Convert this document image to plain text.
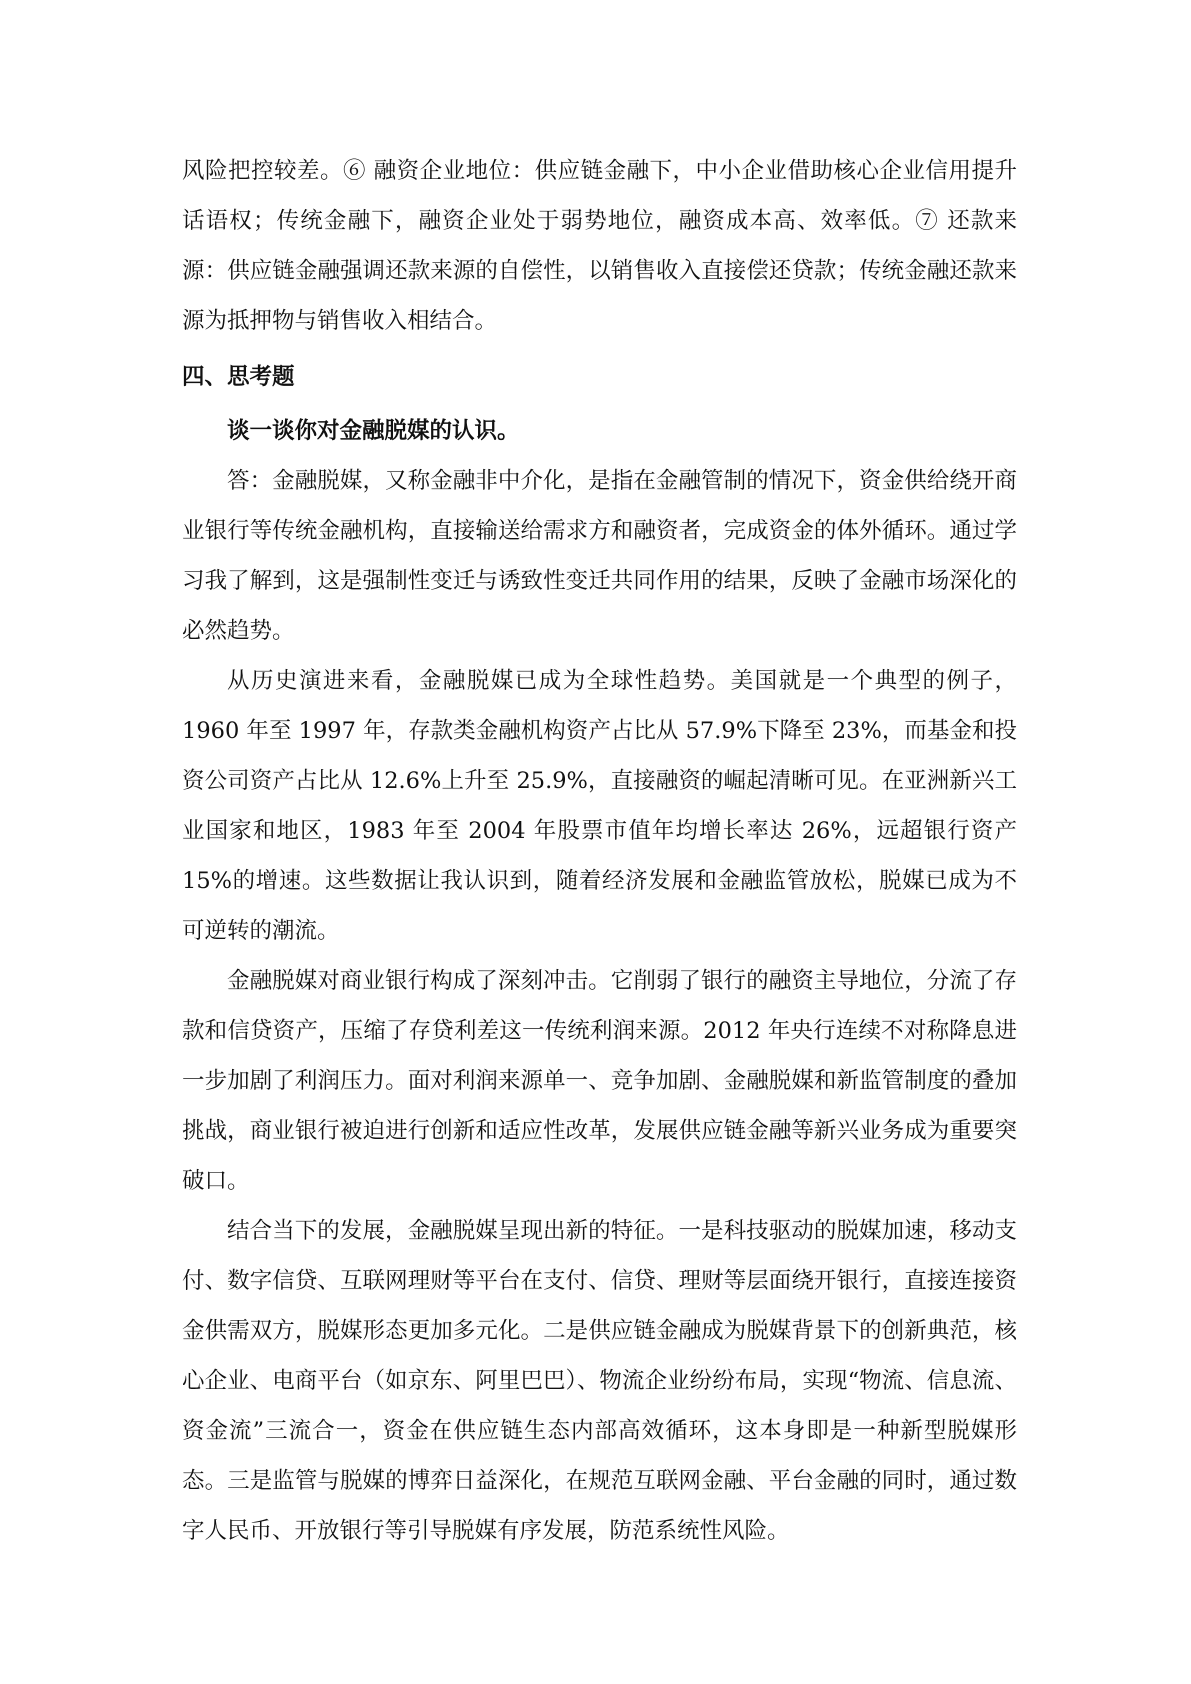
风险把控较差。⑥ 融资企业地位：供应链金融下，中小企业借助核心企业信用提升话语权；传统金融下，融资企业处于弱势地位，融资成本高、效率低。⑦ 还款来源：供应链金融强调还款来源的自偿性，以销售收入直接偿还贷款；传统金融还款来源为抵押物与销售收入相结合。

四、思考题

谈一谈你对金融脱媒的认识。

答：金融脱媒，又称金融非中介化，是指在金融管制的情况下，资金供给绕开商业银行等传统金融机构，直接输送给需求方和融资者，完成资金的体外循环。通过学习我了解到，这是强制性变迁与诱致性变迁共同作用的结果，反映了金融市场深化的必然趋势。

从历史演进来看，金融脱媒已成为全球性趋势。美国就是一个典型的例子，1960 年至 1997 年，存款类金融机构资产占比从 57.9%下降至 23%，而基金和投资公司资产占比从 12.6%上升至 25.9%，直接融资的崛起清晰可见。在亚洲新兴工业国家和地区，1983 年至 2004 年股票市值年均增长率达 26%，远超银行资产 15%的增速。这些数据让我认识到，随着经济发展和金融监管放松，脱媒已成为不可逆转的潮流。

金融脱媒对商业银行构成了深刻冲击。它削弱了银行的融资主导地位，分流了存款和信贷资产，压缩了存贷利差这一传统利润来源。2012 年央行连续不对称降息进一步加剧了利润压力。面对利润来源单一、竞争加剧、金融脱媒和新监管制度的叠加挑战，商业银行被迫进行创新和适应性改革，发展供应链金融等新兴业务成为重要突破口。

结合当下的发展，金融脱媒呈现出新的特征。一是科技驱动的脱媒加速，移动支付、数字信贷、互联网理财等平台在支付、信贷、理财等层面绕开银行，直接连接资金供需双方，脱媒形态更加多元化。二是供应链金融成为脱媒背景下的创新典范，核心企业、电商平台（如京东、阿里巴巴）、物流企业纷纷布局，实现“物流、信息流、资金流”三流合一，资金在供应链生态内部高效循环，这本身即是一种新型脱媒形态。三是监管与脱媒的博弈日益深化，在规范互联网金融、平台金融的同时，通过数字人民币、开放银行等引导脱媒有序发展，防范系统性风险。
